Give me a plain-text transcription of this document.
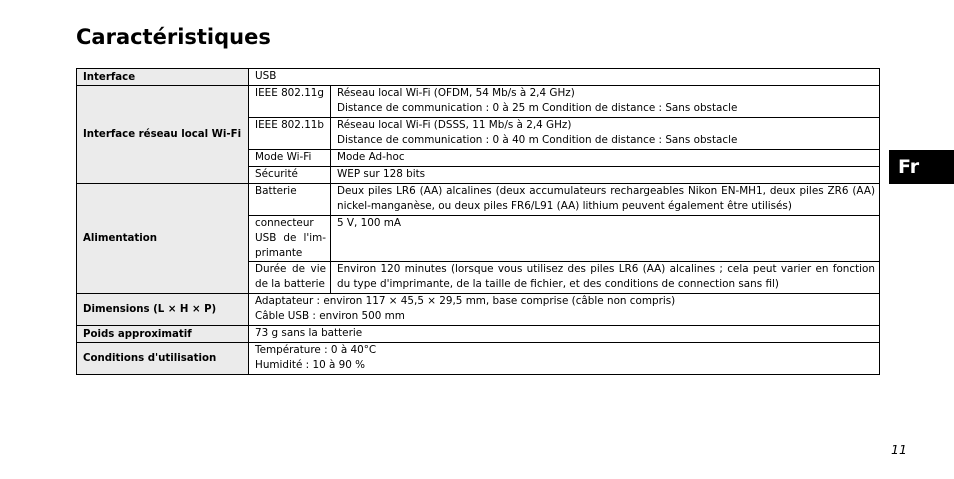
Caractéristiques
Fr
Interface	USB	
Interface réseau local Wi-Fi	IEEE 802.11g	Réseau local Wi-Fi (OFDM, 54 Mb/s à 2,4 GHz)
Distance de communication : 0 à 25 m Condition de distance : Sans obstacle

	IEEE 802.11b	Réseau local Wi-Fi (DSSS, 11 Mb/s à 2,4 GHz)
Distance de communication : 0 à 40 m Condition de distance : Sans obstacle

	Mode Wi-Fi	Mode Ad-hoc
	Sécurité	WEP sur 128 bits
Alimentation	Batterie	Deux piles LR6 (AA) alcalines (deux accumulateurs rechargeables Nikon EN-MH1, deux piles ZR6 (AA) nickel-manganèse, ou deux piles FR6/L91 (AA) lithium peuvent également être utilisés)
	connecteur USB de l'im-primante	5 V, 100 mA
	Durée de vie de la batterie	Environ 120 minutes (lorsque vous utilisez des piles LR6 (AA) alcalines ; cela peut varier en fonction du type d'imprimante, de la taille de fichier, et des conditions de connection sans fil)
Dimensions (L × H × P)	Adaptateur : environ 117 × 45,5 × 29,5 mm, base comprise (câble non compris)
Câble USB : environ 500 mm	

Poids approximatif	73 g sans la batterie	
Conditions d'utilisation	Température : 0 à 40°C
Humidité : 10 à 90 %	
11
